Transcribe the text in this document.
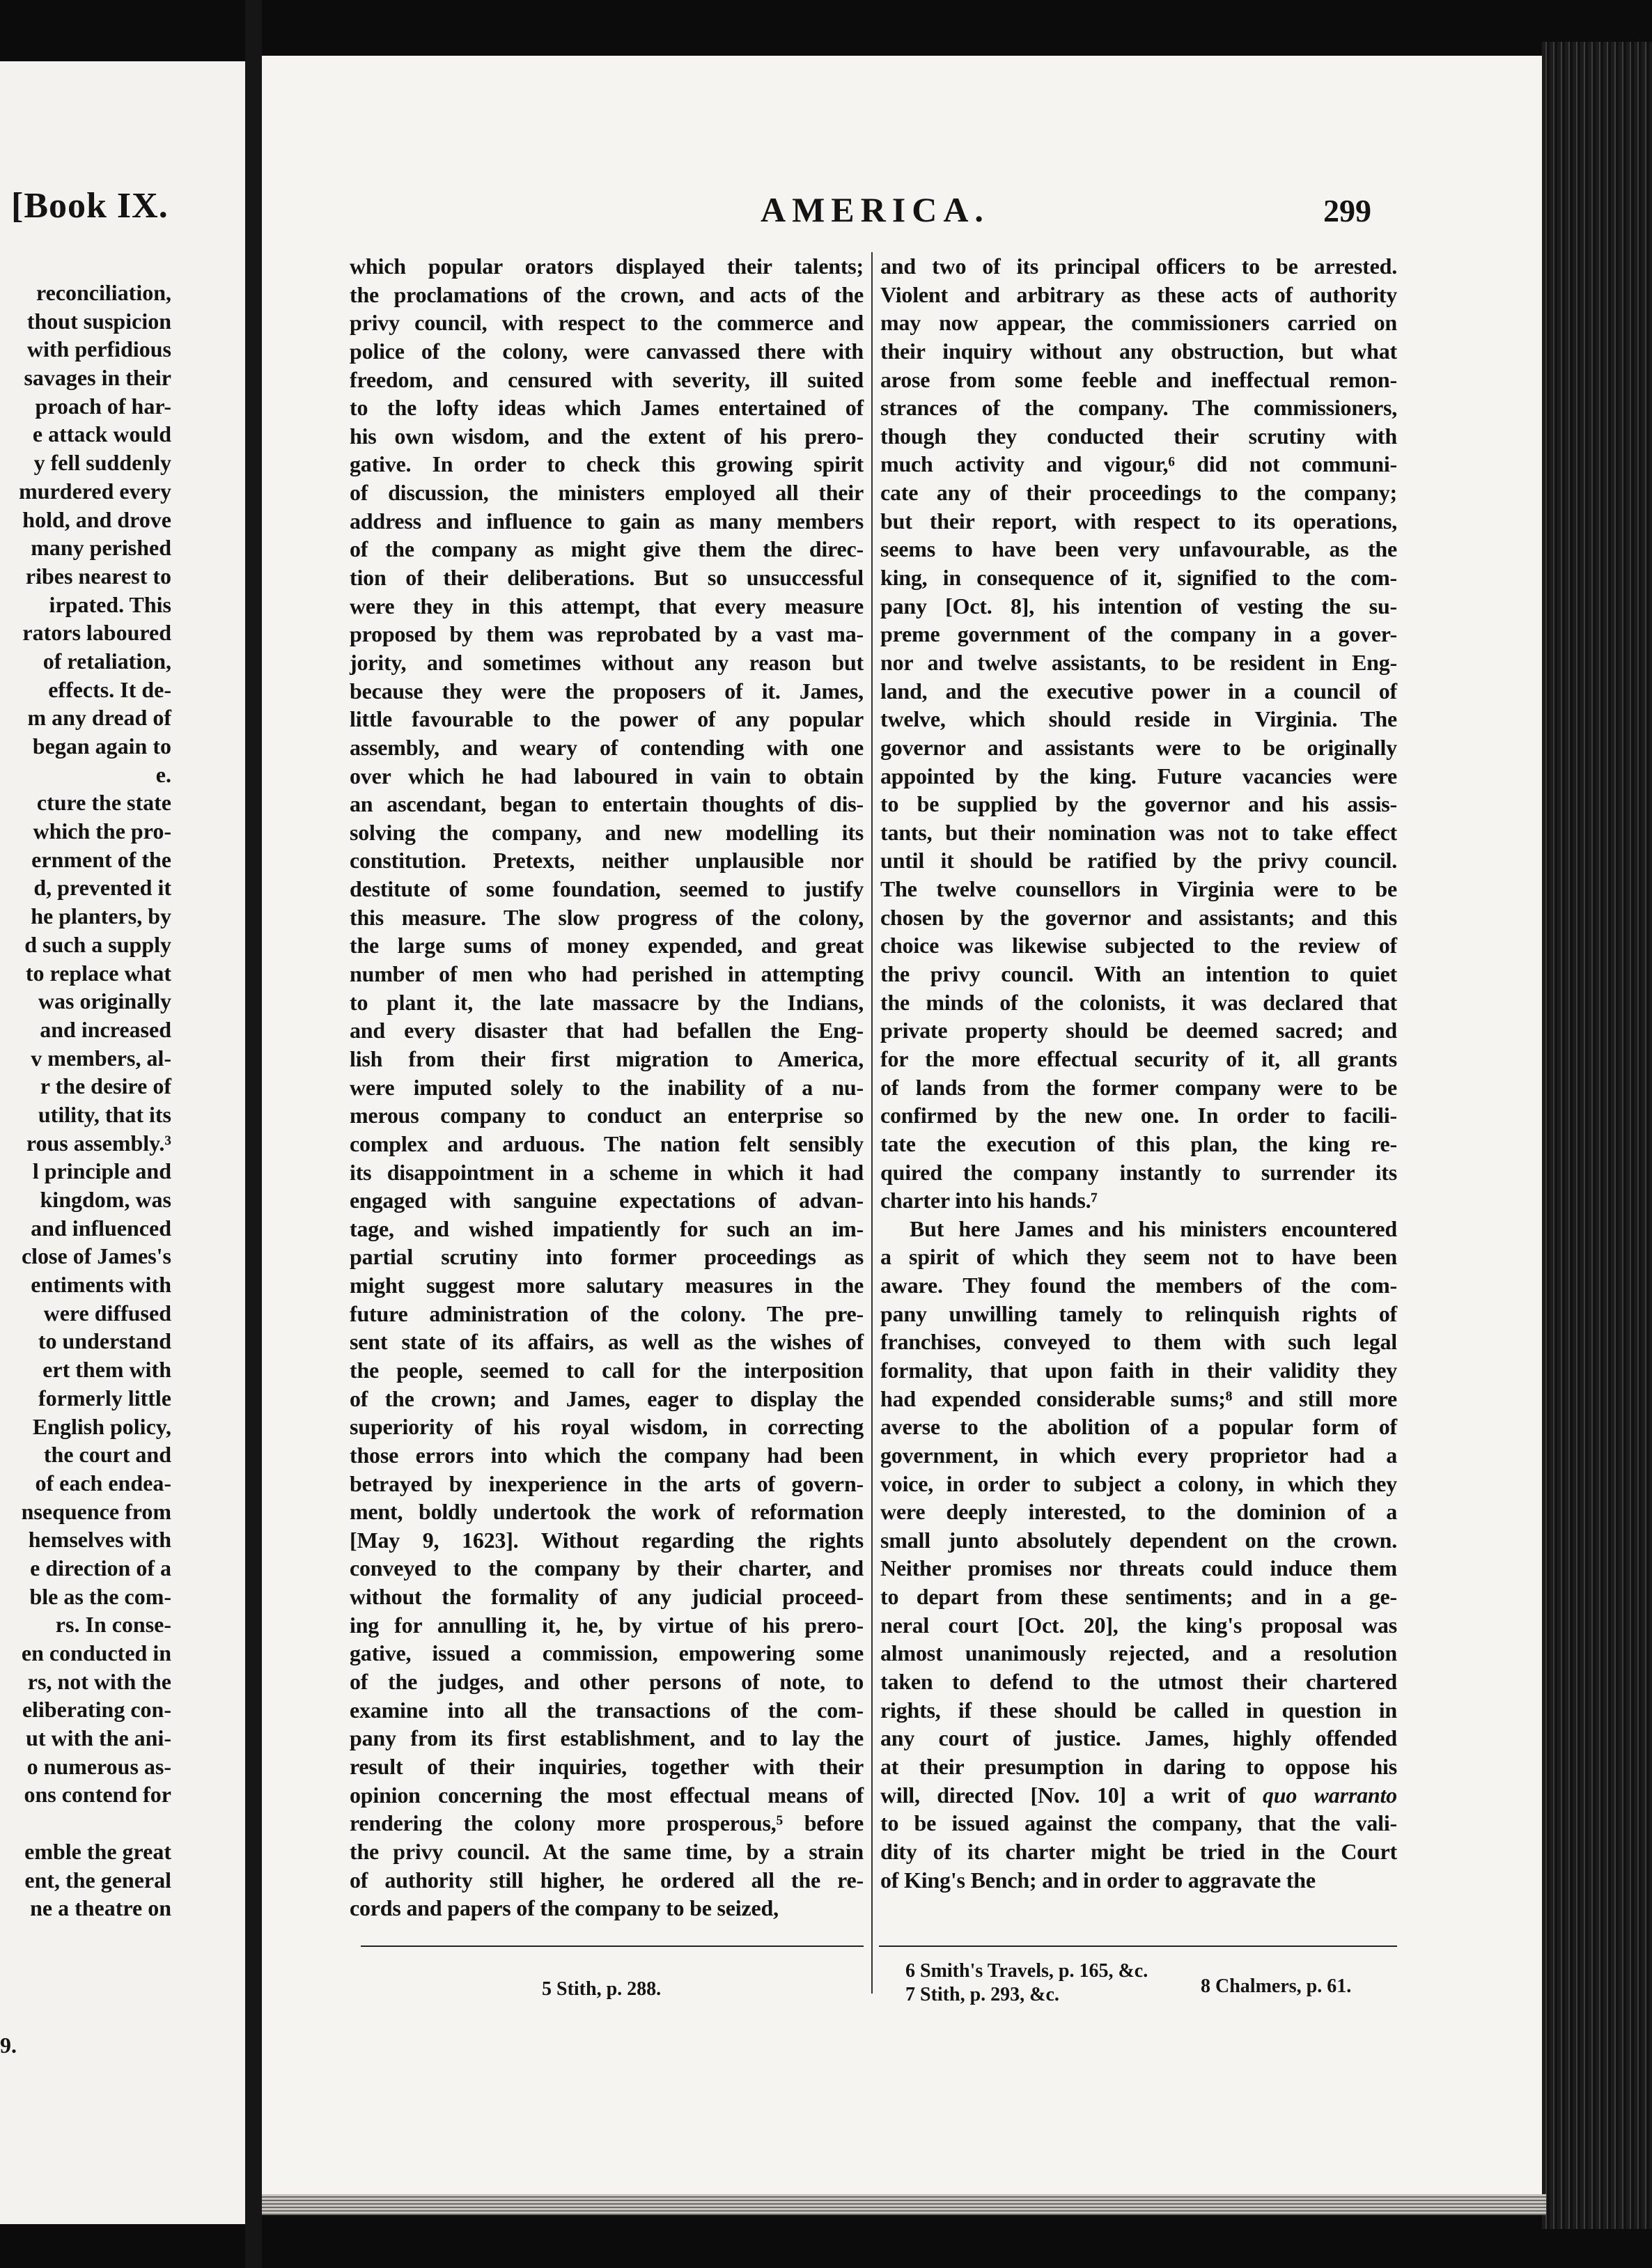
[Book IX.
reconciliation,
thout suspicion
with perfidious
savages in their
proach of har-
e attack would
y fell suddenly
murdered every
hold, and drove
many perished
ribes nearest to
irpated. This
rators laboured
of retaliation,
effects. It de-
m any dread of
began again to
e.
cture the state
which the pro-
ernment of the
d, prevented it
he planters, by
d such a supply
to replace what
was originally
and increased
v members, al-
r the desire of
utility, that its
rous assembly.³
l principle and
kingdom, was
and influenced
close of James's
entiments with
were diffused
to understand
ert them with
formerly little
English policy,
the court and
of each endea-
nsequence from
hemselves with
e direction of a
ble as the com-
rs. In conse-
en conducted in
rs, not with the
eliberating con-
ut with the ani-
o numerous as-
ons contend for
emble the great
ent, the general
ne a theatre on
9.
AMERICA.	299
which popular orators displayed their talents;
the proclamations of the crown, and acts of the
privy council, with respect to the commerce and
police of the colony, were canvassed there with
freedom, and censured with severity, ill suited
to the lofty ideas which James entertained of
his own wisdom, and the extent of his prero-
gative. In order to check this growing spirit
of discussion, the ministers employed all their
address and influence to gain as many members
of the company as might give them the direc-
tion of their deliberations. But so unsuccessful
were they in this attempt, that every measure
proposed by them was reprobated by a vast ma-
jority, and sometimes without any reason but
because they were the proposers of it. James,
little favourable to the power of any popular
assembly, and weary of contending with one
over which he had laboured in vain to obtain
an ascendant, began to entertain thoughts of dis-
solving the company, and new modelling its
constitution. Pretexts, neither unplausible nor
destitute of some foundation, seemed to justify
this measure. The slow progress of the colony,
the large sums of money expended, and great
number of men who had perished in attempting
to plant it, the late massacre by the Indians,
and every disaster that had befallen the Eng-
lish from their first migration to America,
were imputed solely to the inability of a nu-
merous company to conduct an enterprise so
complex and arduous. The nation felt sensibly
its disappointment in a scheme in which it had
engaged with sanguine expectations of advan-
tage, and wished impatiently for such an im-
partial scrutiny into former proceedings as
might suggest more salutary measures in the
future administration of the colony. The pre-
sent state of its affairs, as well as the wishes of
the people, seemed to call for the interposition
of the crown; and James, eager to display the
superiority of his royal wisdom, in correcting
those errors into which the company had been
betrayed by inexperience in the arts of govern-
ment, boldly undertook the work of reformation
[May 9, 1623]. Without regarding the rights
conveyed to the company by their charter, and
without the formality of any judicial proceed-
ing for annulling it, he, by virtue of his prero-
gative, issued a commission, empowering some
of the judges, and other persons of note, to
examine into all the transactions of the com-
pany from its first establishment, and to lay the
result of their inquiries, together with their
opinion concerning the most effectual means of
rendering the colony more prosperous,⁵ before
the privy council. At the same time, by a strain
of authority still higher, he ordered all the re-
cords and papers of the company to be seized,
and two of its principal officers to be arrested.
Violent and arbitrary as these acts of authority
may now appear, the commissioners carried on
their inquiry without any obstruction, but what
arose from some feeble and ineffectual remon-
strances of the company. The commissioners,
though they conducted their scrutiny with
much activity and vigour,⁶ did not communi-
cate any of their proceedings to the company;
but their report, with respect to its operations,
seems to have been very unfavourable, as the
king, in consequence of it, signified to the com-
pany [Oct. 8], his intention of vesting the su-
preme government of the company in a gover-
nor and twelve assistants, to be resident in Eng-
land, and the executive power in a council of
twelve, which should reside in Virginia. The
governor and assistants were to be originally
appointed by the king. Future vacancies were
to be supplied by the governor and his assis-
tants, but their nomination was not to take effect
until it should be ratified by the privy council.
The twelve counsellors in Virginia were to be
chosen by the governor and assistants; and this
choice was likewise subjected to the review of
the privy council. With an intention to quiet
the minds of the colonists, it was declared that
private property should be deemed sacred; and
for the more effectual security of it, all grants
of lands from the former company were to be
confirmed by the new one. In order to facili-
tate the execution of this plan, the king re-
quired the company instantly to surrender its
charter into his hands.⁷
But here James and his ministers encountered
a spirit of which they seem not to have been
aware. They found the members of the com-
pany unwilling tamely to relinquish rights of
franchises, conveyed to them with such legal
formality, that upon faith in their validity they
had expended considerable sums;⁸ and still more
averse to the abolition of a popular form of
government, in which every proprietor had a
voice, in order to subject a colony, in which they
were deeply interested, to the dominion of a
small junto absolutely dependent on the crown.
Neither promises nor threats could induce them
to depart from these sentiments; and in a ge-
neral court [Oct. 20], the king's proposal was
almost unanimously rejected, and a resolution
taken to defend to the utmost their chartered
rights, if these should be called in question in
any court of justice. James, highly offended
at their presumption in daring to oppose his
will, directed [Nov. 10] a writ of quo warranto
to be issued against the company, that the vali-
dity of its charter might be tried in the Court
of King's Bench; and in order to aggravate the
5 Stith, p. 288.
6 Smith's Travels, p. 165, &c.
7 Stith, p. 293, &c.	8 Chalmers, p. 61.
